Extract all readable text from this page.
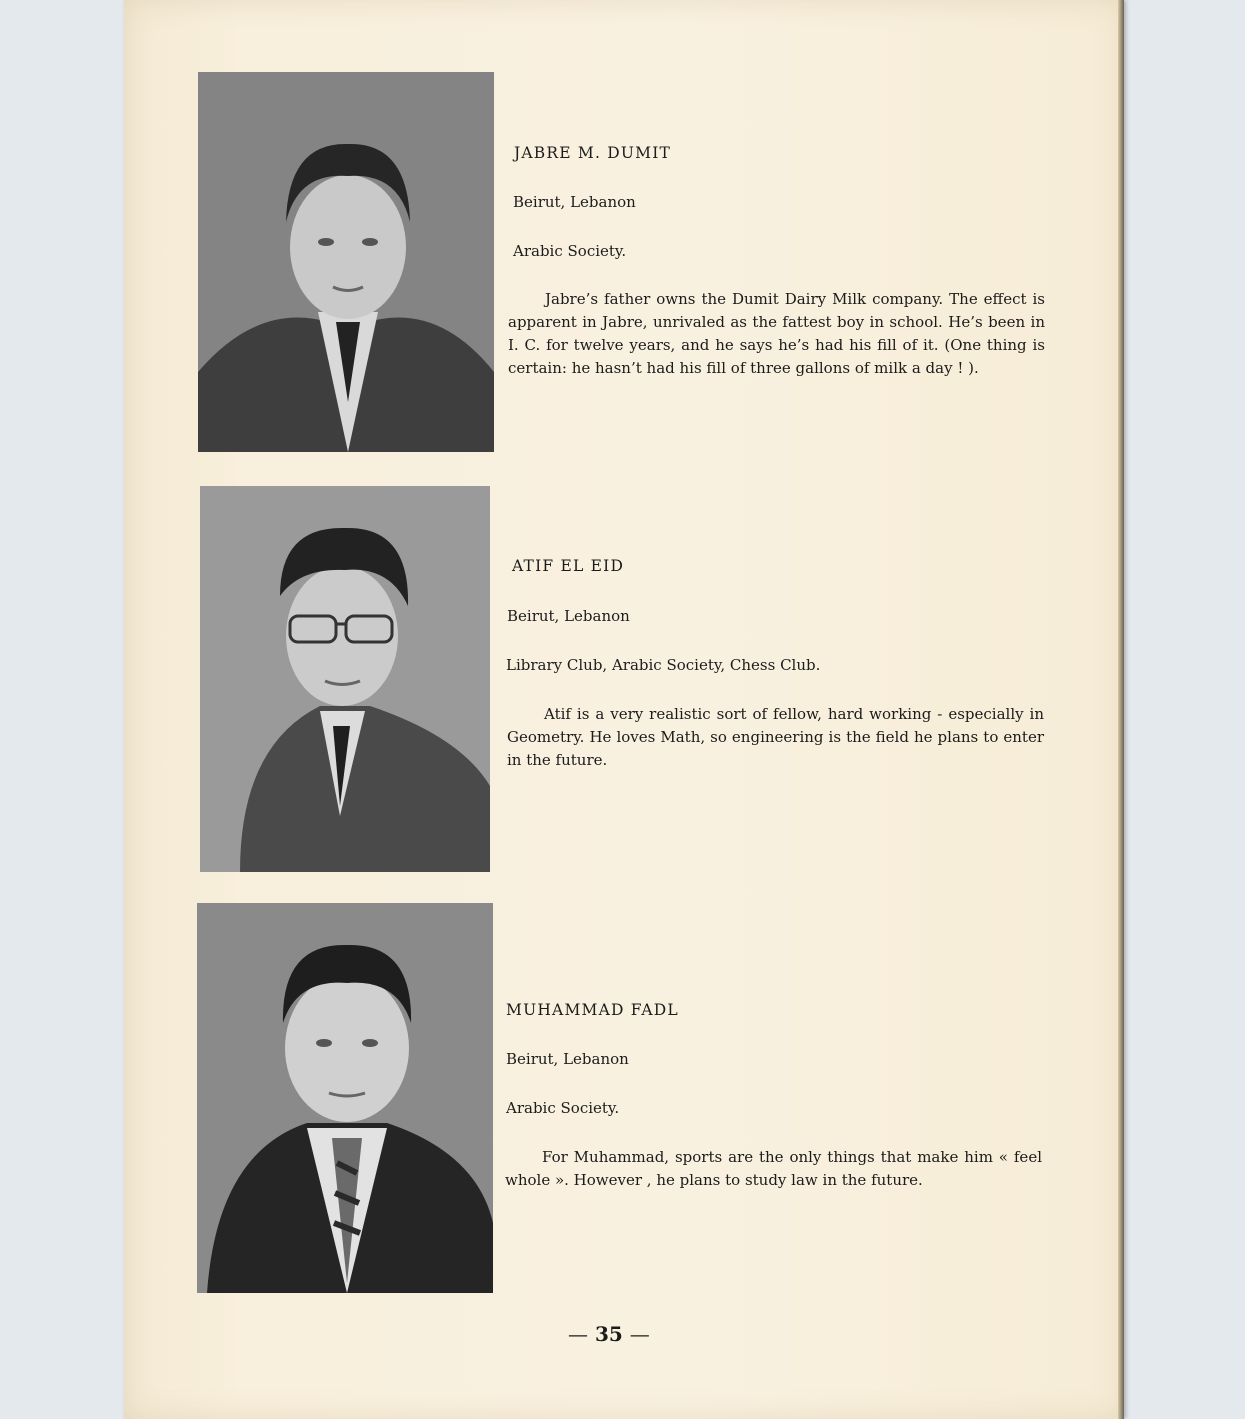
JABRE M. DUMIT

Beirut, Lebanon

Arabic Society.

Jabre’s father owns the Dumit Dairy Milk company. The effect is apparent in Jabre, unrivaled as the fattest boy in school. He’s been in I. C. for twelve years, and he says he’s had his fill of it. (One thing is certain: he hasn’t had his fill of three gallons of milk a day ! ).

ATIF EL EID

Beirut, Lebanon

Library Club, Arabic Society, Chess Club.

Atif is a very realistic sort of fellow, hard working - especially in Geometry. He loves Math, so engineering is the field he plans to enter in the future.

MUHAMMAD FADL

Beirut, Lebanon

Arabic Society.

For Muhammad, sports are the only things that make him « feel whole ». However , he plans to study law in the future.

— 35 —
